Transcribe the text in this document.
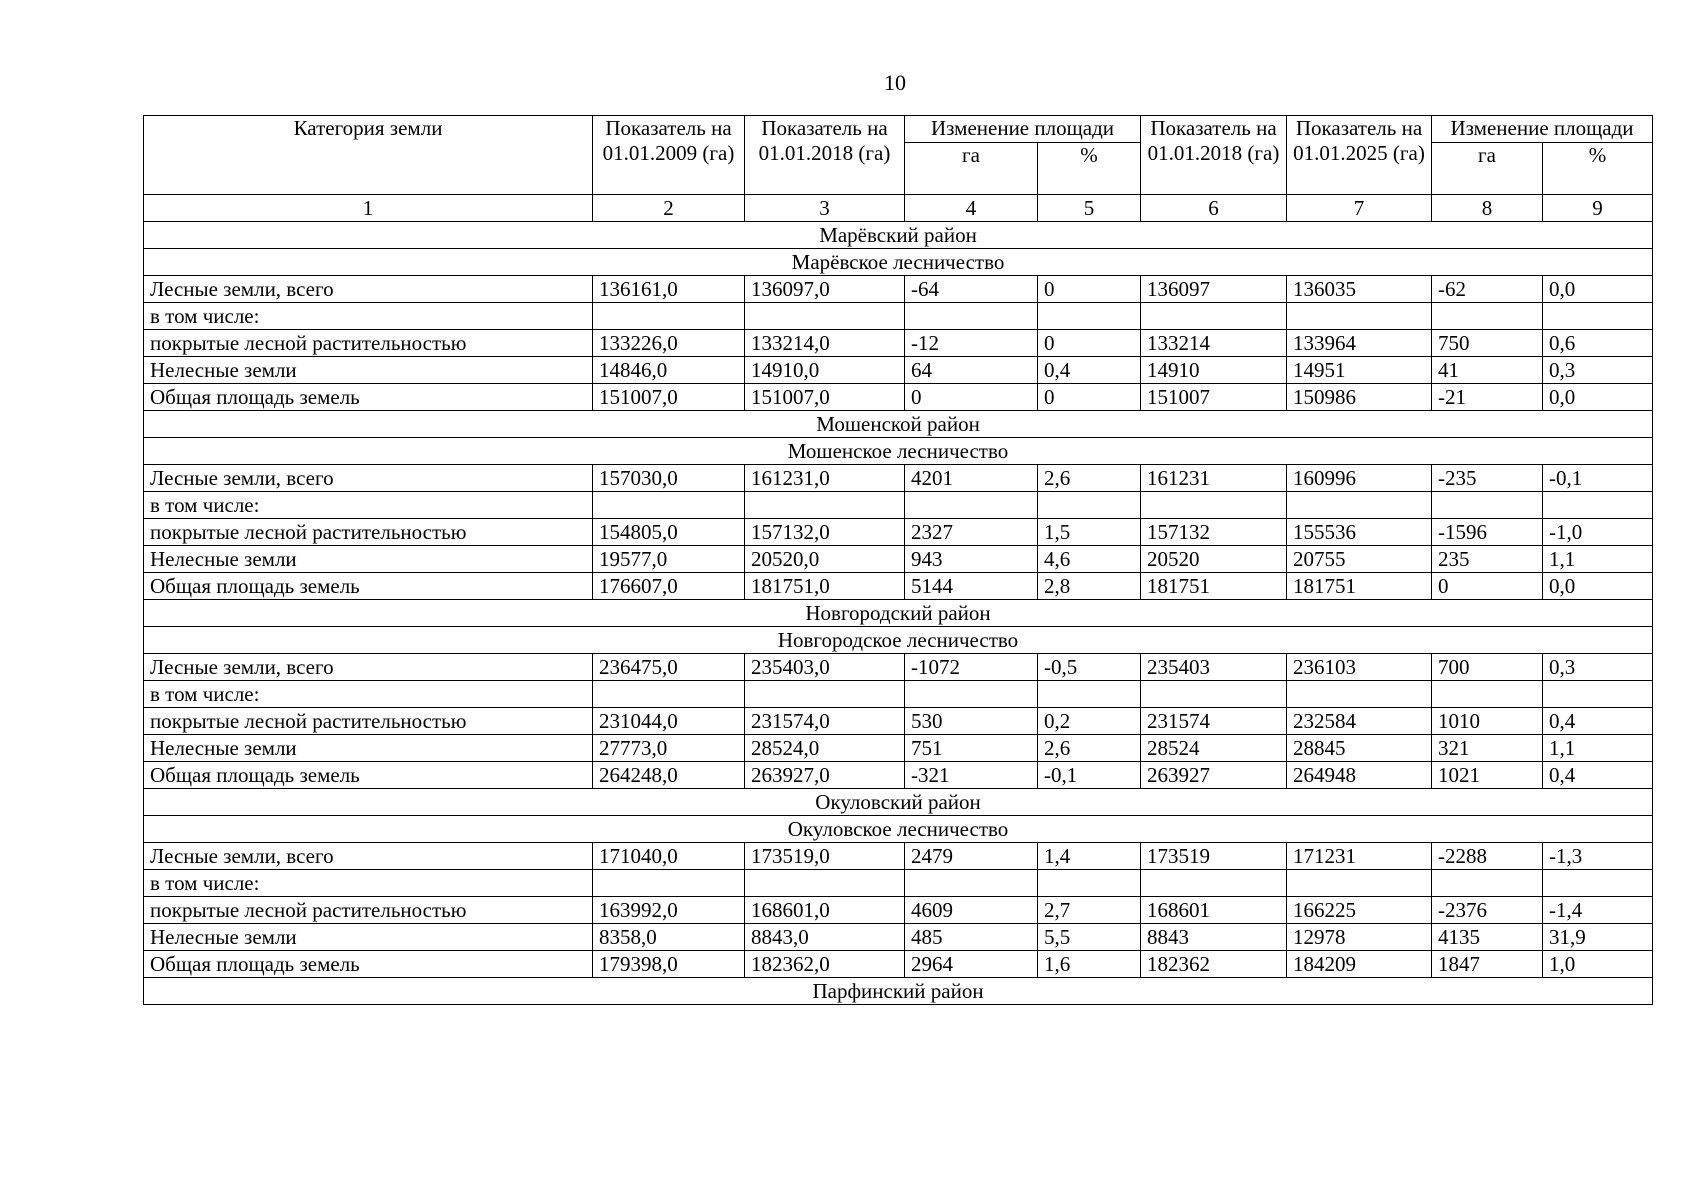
10
Категория земли	Показатель на 01.01.2009 (га)	Показатель на 01.01.2018 (га)	Изменение площади		Показатель на 01.01.2018 (га)	Показатель на 01.01.2025 (га)	Изменение площади	
			га	%			га	%
1	2	3	4	5	6	7	8	9
Марёвский район								
Марёвское лесничество								
Лесные земли, всего	136161,0	136097,0	-64	0	136097	136035	-62	0,0
в том числе:								
покрытые лесной растительностью	133226,0	133214,0	-12	0	133214	133964	750	0,6
Нелесные земли	14846,0	14910,0	64	0,4	14910	14951	41	0,3
Общая площадь земель	151007,0	151007,0	0	0	151007	150986	-21	0,0
Мошенской район								
Мошенское лесничество								
Лесные земли, всего	157030,0	161231,0	4201	2,6	161231	160996	-235	-0,1
в том числе:								
покрытые лесной растительностью	154805,0	157132,0	2327	1,5	157132	155536	-1596	-1,0
Нелесные земли	19577,0	20520,0	943	4,6	20520	20755	235	1,1
Общая площадь земель	176607,0	181751,0	5144	2,8	181751	181751	0	0,0
Новгородский район								
Новгородское лесничество								
Лесные земли, всего	236475,0	235403,0	-1072	-0,5	235403	236103	700	0,3
в том числе:								
покрытые лесной растительностью	231044,0	231574,0	530	0,2	231574	232584	1010	0,4
Нелесные земли	27773,0	28524,0	751	2,6	28524	28845	321	1,1
Общая площадь земель	264248,0	263927,0	-321	-0,1	263927	264948	1021	0,4
Окуловский район								
Окуловское лесничество								
Лесные земли, всего	171040,0	173519,0	2479	1,4	173519	171231	-2288	-1,3
в том числе:								
покрытые лесной растительностью	163992,0	168601,0	4609	2,7	168601	166225	-2376	-1,4
Нелесные земли	8358,0	8843,0	485	5,5	8843	12978	4135	31,9
Общая площадь земель	179398,0	182362,0	2964	1,6	182362	184209	1847	1,0
Парфинский район								
